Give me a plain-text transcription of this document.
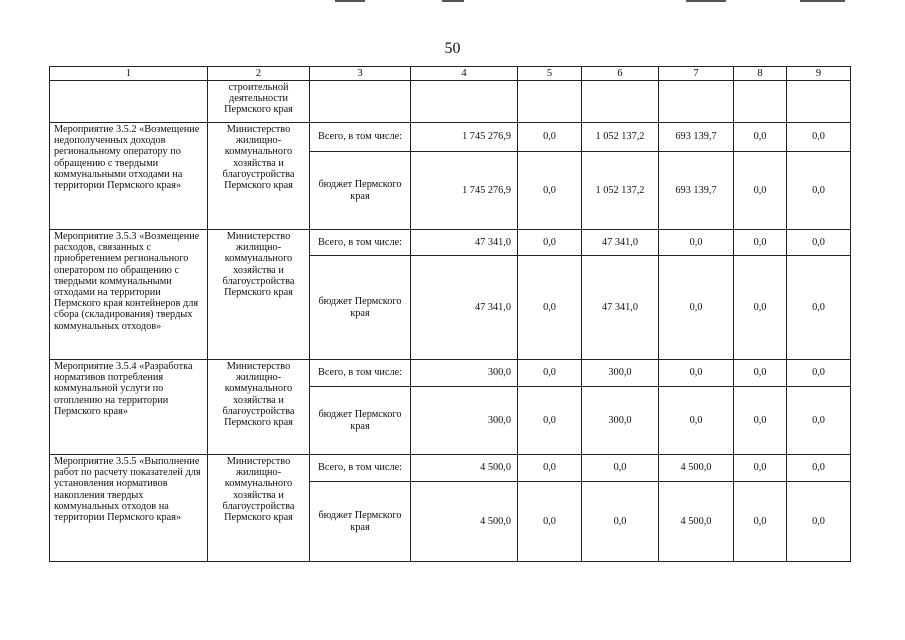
50
1	2	3	4	5	6	7	8	9
	строительной деятельности Пермского края							
Мероприятие 3.5.2 «Возмещение недополученных доходов региональному оператору по обращению с твердыми коммунальными отходами на территории Пермского края»	Министерство жилищно-коммунального хозяйства и благоустройства Пермского края	Всего, в том числе:	1 745 276,9	0,0	1 052 137,2	693 139,7	0,0	0,0
		бюджет Пермского края	1 745 276,9	0,0	1 052 137,2	693 139,7	0,0	0,0
Мероприятие 3.5.3 «Возмещение расходов, связанных с приобретением регионального оператором по обращению с твердыми коммунальными отходами на территории Пермского края контейнеров для сбора (складирования) твердых коммунальных отходов»	Министерство жилищно-коммунального хозяйства и благоустройства Пермского края	Всего, в том числе:	47 341,0	0,0	47 341,0	0,0	0,0	0,0
		бюджет Пермского края	47 341,0	0,0	47 341,0	0,0	0,0	0,0
Мероприятие 3.5.4 «Разработка нормативов потребления коммунальной услуги по отоплению на территории Пермского края»	Министерство жилищно-коммунального хозяйства и благоустройства Пермского края	Всего, в том числе:	300,0	0,0	300,0	0,0	0,0	0,0
		бюджет Пермского края	300,0	0,0	300,0	0,0	0,0	0,0
Мероприятие 3.5.5 «Выполнение работ по расчету показателей для установления нормативов накопления твердых коммунальных отходов на территории Пермского края»	Министерство жилищно-коммунального хозяйства и благоустройства Пермского края	Всего, в том числе:	4 500,0	0,0	0,0	4 500,0	0,0	0,0
		бюджет Пермского края	4 500,0	0,0	0,0	4 500,0	0,0	0,0
